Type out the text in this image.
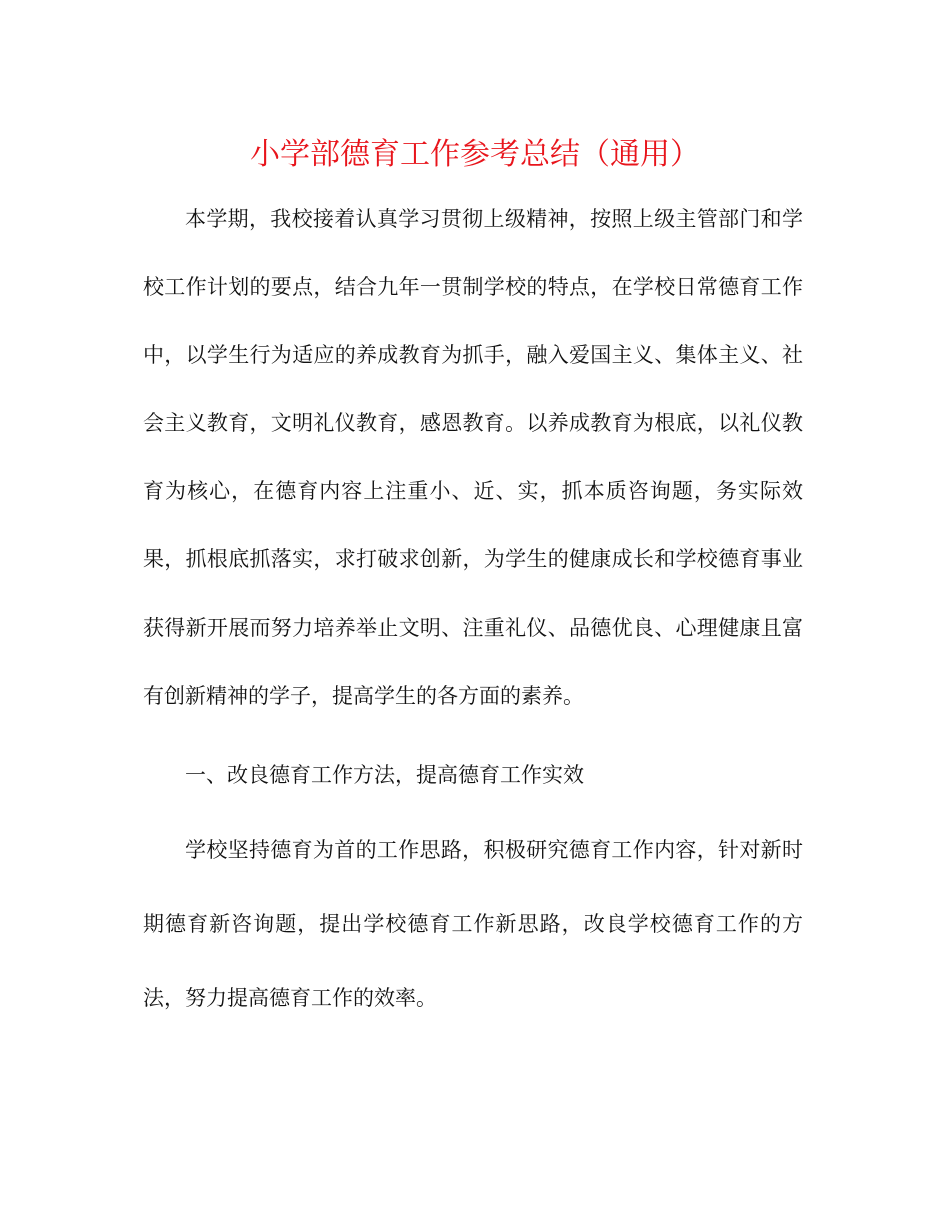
小学部德育工作参考总结（通用）

本学期，我校接着认真学习贯彻上级精神，按照上级主管部门和学校工作计划的要点，结合九年一贯制学校的特点，在学校日常德育工作中，以学生行为适应的养成教育为抓手，融入爱国主义、集体主义、社会主义教育，文明礼仪教育，感恩教育。以养成教育为根底，以礼仪教育为核心，在德育内容上注重小、近、实，抓本质咨询题，务实际效果，抓根底抓落实，求打破求创新，为学生的健康成长和学校德育事业获得新开展而努力培养举止文明、注重礼仪、品德优良、心理健康且富有创新精神的学子，提高学生的各方面的素养。

一、改良德育工作方法，提高德育工作实效

学校坚持德育为首的工作思路，积极研究德育工作内容，针对新时期德育新咨询题，提出学校德育工作新思路，改良学校德育工作的方法，努力提高德育工作的效率。
